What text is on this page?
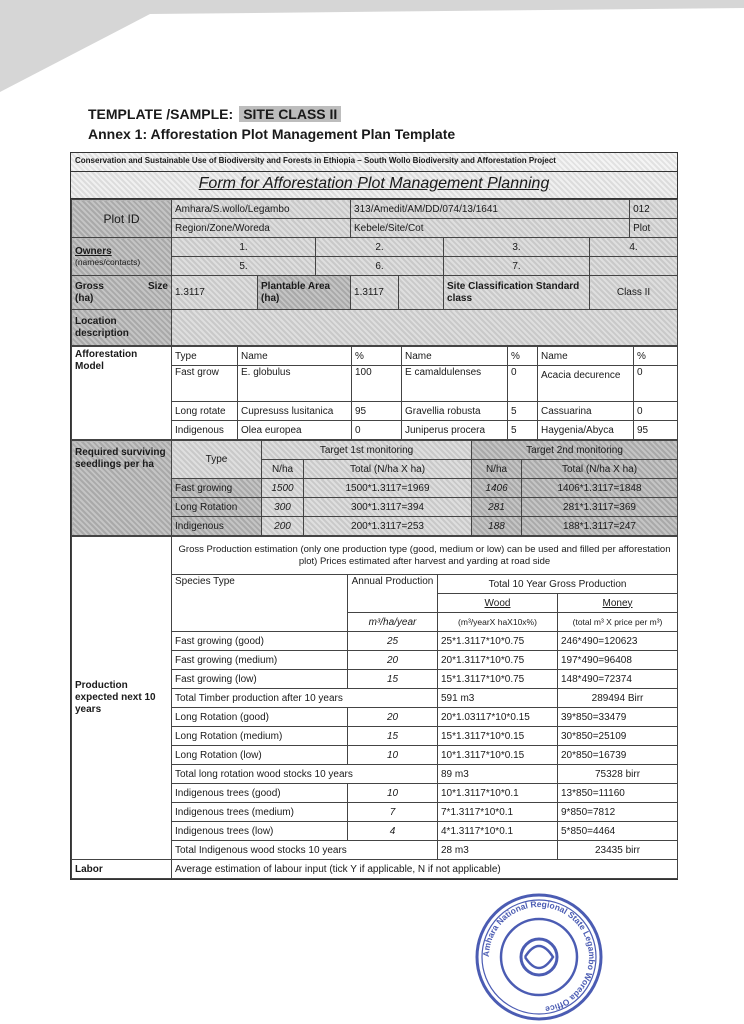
TEMPLATE /SAMPLE: SITE CLASS II
Annex 1: Afforestation Plot Management Plan Template
Conservation and Sustainable Use of Biodiversity and Forests in Ethiopia – South Wollo Biodiversity and Afforestation Project
Form for Afforestation Plot Management Planning
Plot ID	Amhara/S.wollo/Legambo			313/Amedit/AM/DD/074/13/1641				012
	Region/Zone/Woreda			Kebele/Site/Cot				Plot

Owners
(names/contacts)	1.		2.			3.	4.	
	5.		6.			7.		
Gross Size

(ha)	1.3117	Plantable Area (ha)		1.3117		Site Classification Standard class	Class II	
Location description								
Afforestation Model	Type	Name	%	Name	%	Name	%
	Fast grow	E. globulus	100	E camaldulenses	0	Acacia decurence	0
	Long rotate	Cupresuss lusitanica	95	Gravellia robusta	5	Cassuarina	0
	Indigenous	Olea europea	0	Juniperus procera	5	Haygenia/Abyca	95
Required surviving seedlings per ha	Type	Target 1st monitoring		Target 2nd monitoring	
		N/ha	Total (N/ha X ha)	N/ha	Total (N/ha X ha)
	Fast growing	1500	1500*1.3117=1969	1406	1406*1.3117=1848
	Long Rotation	300	300*1.3117=394	281	281*1.3117=369
	Indigenous	200	200*1.3117=253	188	188*1.3117=247
Production expected next 10 years	Gross Production estimation (only one production type (good, medium or low) can be used and filled per afforestation plot) Prices estimated after harvest and yarding at road side			
	Species Type	Annual Production	Total 10 Year Gross Production	
			Wood	Money
		m³/ha/year	(m³/yearX haX10x%)	(total m³ X price per m³)
	Fast growing (good)	25	25*1.3117*10*0.75	246*490=120623
	Fast growing (medium)	20	20*1.3117*10*0.75	197*490=96408
	Fast growing (low)	15	15*1.3117*10*0.75	148*490=72374
	Total Timber production after 10 years		591 m3	289494 Birr
	Long Rotation (good)	20	20*1.03117*10*0.15	39*850=33479
	Long Rotation (medium)	15	15*1.3117*10*0.15	30*850=25109
	Long Rotation (low)	10	10*1.3117*10*0.15	20*850=16739
	Total long rotation wood stocks 10 years		89 m3	75328 birr
	Indigenous trees (good)	10	10*1.3117*10*0.1	13*850=11160
	Indigenous trees (medium)	7	7*1.3117*10*0.1	9*850=7812
	Indigenous trees (low)	4	4*1.3117*10*0.1	5*850=4464
	Total Indigenous wood stocks 10 years		28 m3	23435 birr
Labor	Average estimation of labour input (tick Y if applicable, N if not applicable)			
Amhara National Regional State Legambo Woreda Office
